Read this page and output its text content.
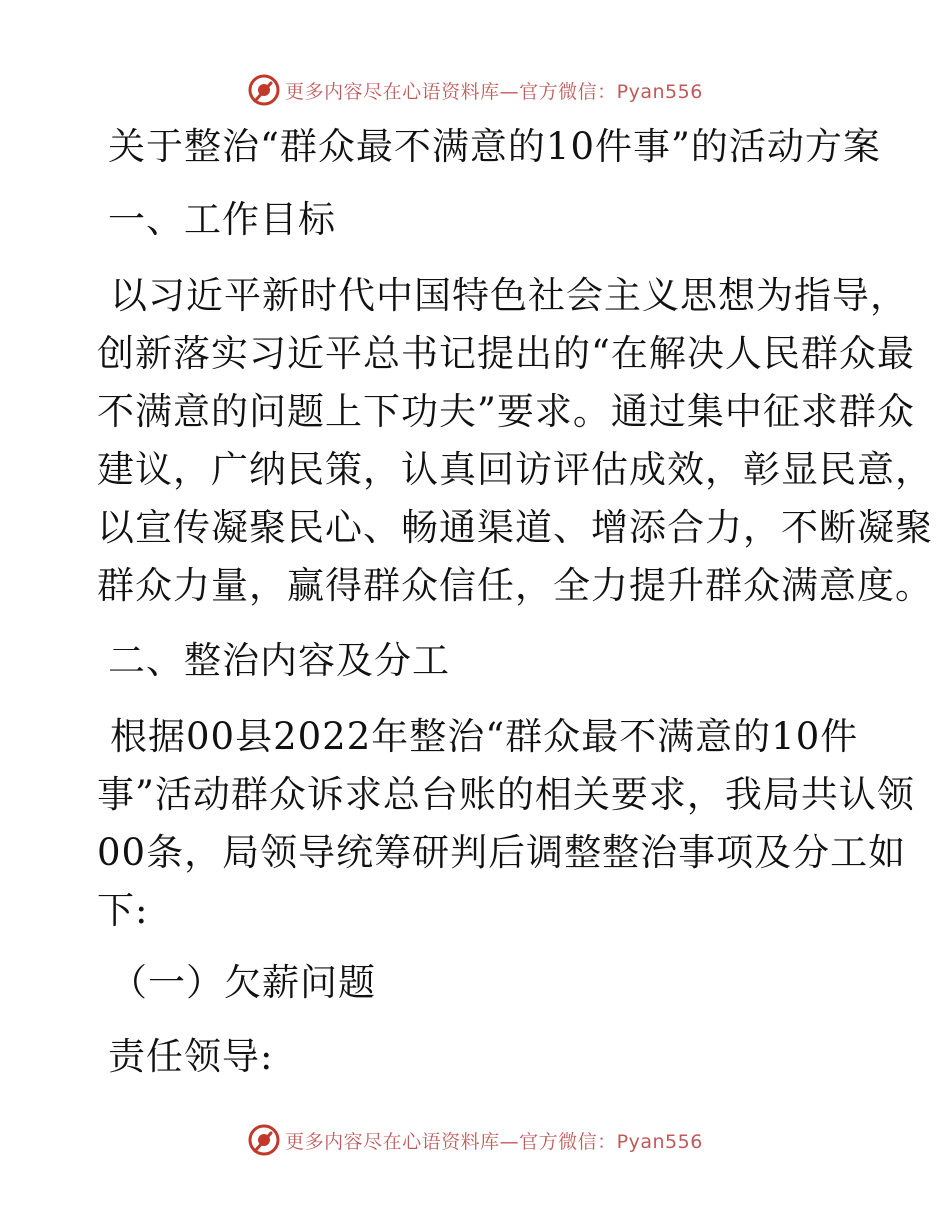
更多内容尽在心语资料库—官方微信：Pyan556
关于整治“群众最不满意的10件事”的活动方案
一、工作目标
以习近平新时代中国特色社会主义思想为指导，
创新落实习近平总书记提出的“在解决人民群众最
不满意的问题上下功夫”要求。通过集中征求群众
建议，广纳民策，认真回访评估成效，彰显民意，
以宣传凝聚民心、畅通渠道、增添合力，不断凝聚
群众力量，赢得群众信任，全力提升群众满意度。
二、整治内容及分工
根据00县2022年整治“群众最不满意的10件
事”活动群众诉求总台账的相关要求，我局共认领
00条，局领导统筹研判后调整整治事项及分工如
下:
（一）欠薪问题
责任领导:
更多内容尽在心语资料库—官方微信：Pyan556
